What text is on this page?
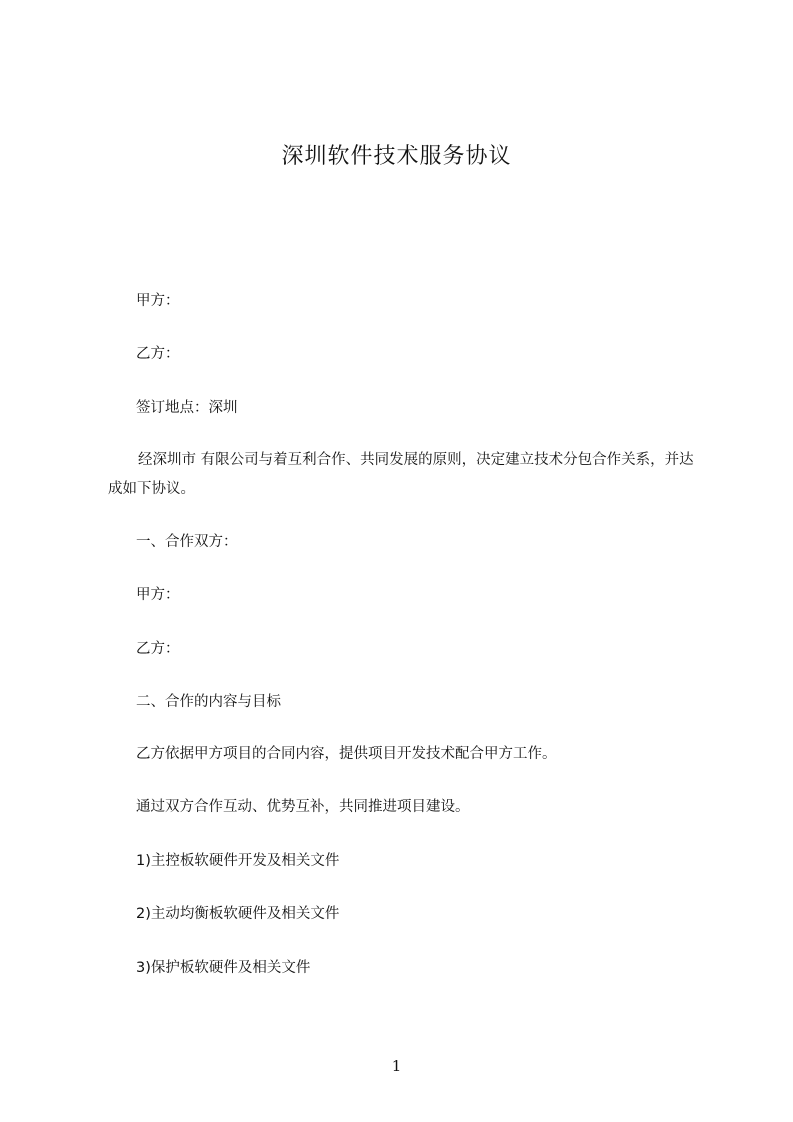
深圳软件技术服务协议
甲方：
乙方：
签订地点：深圳
经深圳市 有限公司与着互利合作、共同发展的原则，决定建立技术分包合作关系，并达成如下协议。
一、合作双方：
甲方：
乙方：
二、合作的内容与目标
乙方依据甲方项目的合同内容，提供项目开发技术配合甲方工作。
通过双方合作互动、优势互补，共同推进项目建设。
1)主控板软硬件开发及相关文件
2)主动均衡板软硬件及相关文件
3)保护板软硬件及相关文件
1
